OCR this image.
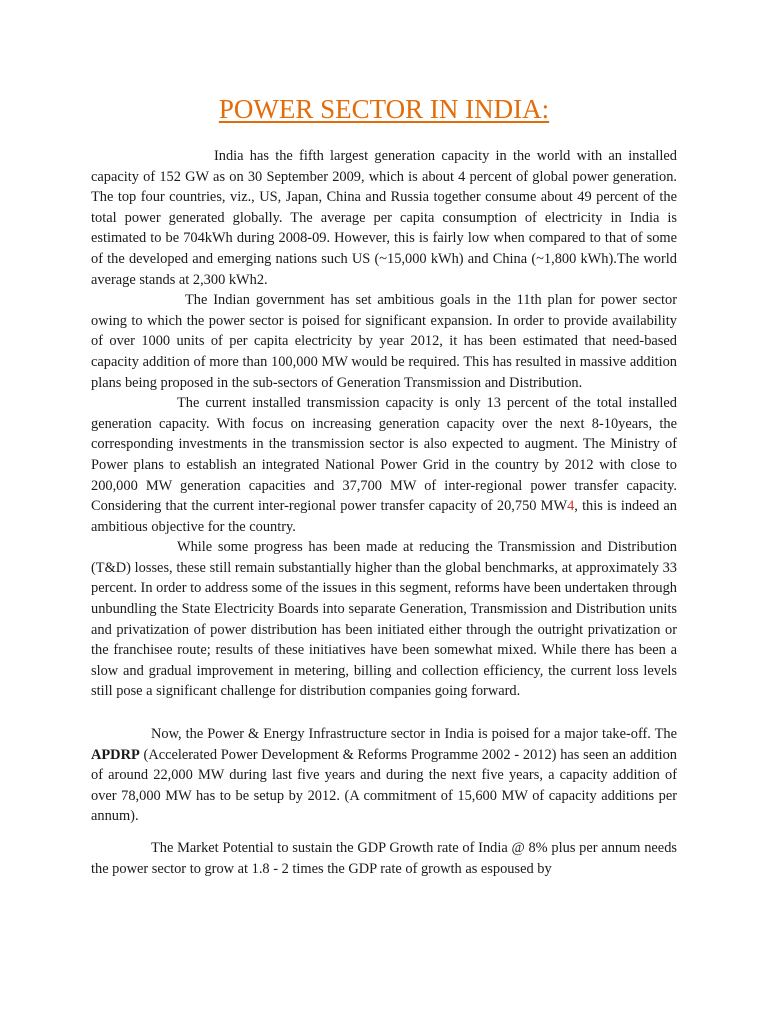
POWER SECTOR IN INDIA:

India has the fifth largest generation capacity in the world with an installed capacity of 152 GW as on 30 September 2009, which is about 4 percent of global power generation. The top four countries, viz., US, Japan, China and Russia together consume about 49 percent of the total power generated globally. The average per capita consumption of electricity in India is estimated to be 704kWh during 2008-09. However, this is fairly low when compared to that of some of the developed and emerging nations such US (~15,000 kWh) and China (~1,800 kWh).The world average stands at 2,300 kWh2.

The Indian government has set ambitious goals in the 11th plan for power sector owing to which the power sector is poised for significant expansion. In order to provide availability of over 1000 units of per capita electricity by year 2012, it has been estimated that need-based capacity addition of more than 100,000 MW would be required. This has resulted in massive addition plans being proposed in the sub-sectors of Generation Transmission and Distribution.

The current installed transmission capacity is only 13 percent of the total installed generation capacity. With focus on increasing generation capacity over the next 8-10years, the corresponding investments in the transmission sector is also expected to augment. The Ministry of Power plans to establish an integrated National Power Grid in the country by 2012 with close to 200,000 MW generation capacities and 37,700 MW of inter-regional power transfer capacity. Considering that the current inter-regional power transfer capacity of 20,750 MW4, this is indeed an ambitious objective for the country.

While some progress has been made at reducing the Transmission and Distribution (T&D) losses, these still remain substantially higher than the global benchmarks, at approximately 33 percent. In order to address some of the issues in this segment, reforms have been undertaken through unbundling the State Electricity Boards into separate Generation, Transmission and Distribution units and privatization of power distribution has been initiated either through the outright privatization or the franchisee route; results of these initiatives have been somewhat mixed. While there has been a slow and gradual improvement in metering, billing and collection efficiency, the current loss levels still pose a significant challenge for distribution companies going forward.

Now, the Power & Energy Infrastructure sector in India is poised for a major take-off. The APDRP (Accelerated Power Development & Reforms Programme 2002 - 2012) has seen an addition of around 22,000 MW during last five years and during the next five years, a capacity addition of over 78,000 MW has to be setup by 2012. (A commitment of 15,600 MW of capacity additions per annum).

The Market Potential to sustain the GDP Growth rate of India @ 8% plus per annum needs the power sector to grow at 1.8 - 2 times the GDP rate of growth as espoused by
